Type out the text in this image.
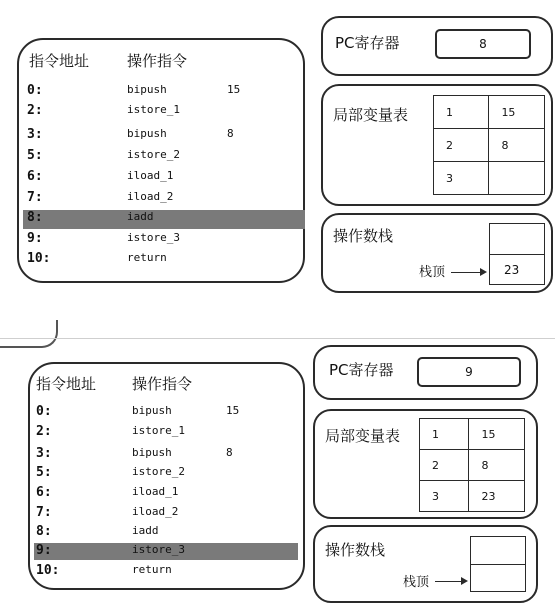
指令地址	操作指令
0:	bipush	15
2:	istore_1
3:	bipush	8
5:	istore_2
6:	iload_1
7:	iload_2
8:	iadd
9:	istore_3
10:	return
PC寄存器	8
局部变量表	1	15
2	8
3	
操作数栈
23
栈顶
指令地址 操作指令
0:	bipush	15
2:	istore_1
3:	bipush	8
5:	istore_2
6:	iload_1
7:	iload_2
8:	iadd
9:	istore_3
10:	return
PC寄存器	9
局部变量表	1	15
2	8
3	23
操作数栈
栈顶
